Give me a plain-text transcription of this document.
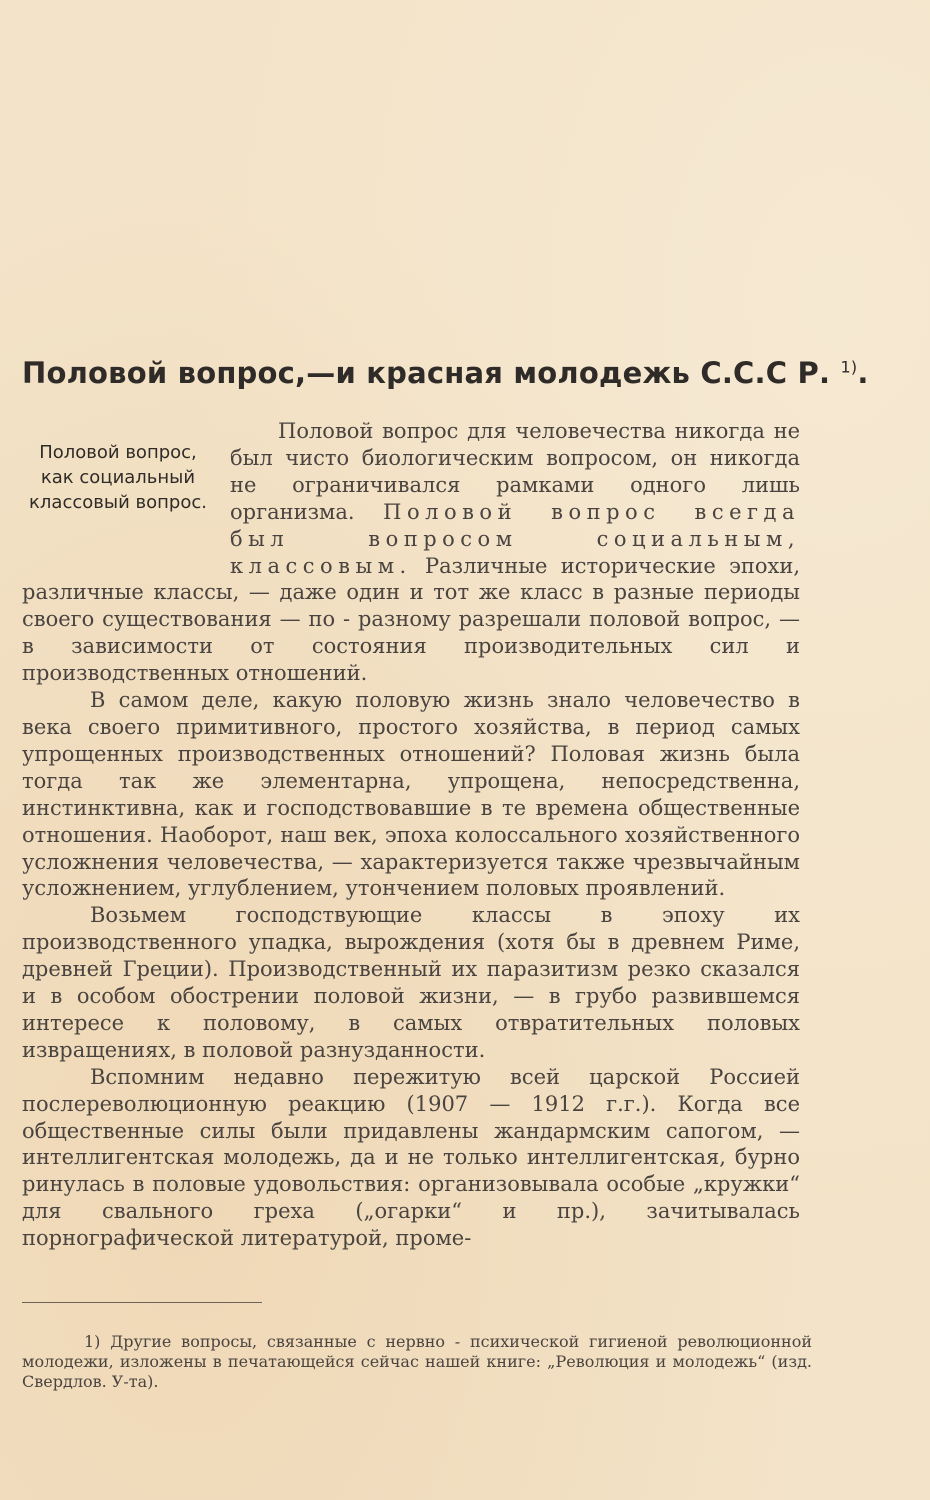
Половой вопрос,—и красная молодежь С.С.С Р. $^{1)}$.
Половой вопрос, как социальный классовый вопрос.

Половой вопрос для человечества никогда не был чисто биологическим вопросом, он никогда не ограничивался рамками одного лишь организма. Половой вопрос всегда был вопросом социальным, классовым. Различные исторические эпохи, различные классы, — даже один и тот же класс в разные периоды своего существования — по - разному разрешали половой вопрос, — в зависимости от состояния производительных сил и производственных отношений.

В самом деле, какую половую жизнь знало человечество в века своего примитивного, простого хозяйства, в период самых упрощенных производственных отношений? Половая жизнь была тогда так же элементарна, упрощена, непосредственна, инстинктивна, как и господствовавшие в те времена общественные отношения. Наоборот, наш век, эпоха колоссального хозяйственного усложнения человечества, — характеризуется также чрезвычайным усложнением, углублением, утончением половых проявлений.

Возьмем господствующие классы в эпоху их производственного упадка, вырождения (хотя бы в древнем Риме, древней Греции). Производственный их паразитизм резко сказался и в особом обострении половой жизни, — в грубо развившемся интересе к половому, в самых отвратительных половых извращениях, в половой разнузданности.

Вспомним недавно пережитую всей царской Россией послереволюционную реакцию (1907 — 1912 г.г.). Когда все общественные силы были придавлены жандармским сапогом, — интеллигентская молодежь, да и не только интеллигентская, бурно ринулась в половые удовольствия: организовывала особые „кружки“ для свального греха („огарки“ и пр.), зачитывалась порнографической литературой, проме-

1) Другие вопросы, связанные с нервно - психической гигиеной революционной молодежи, изложены в печатающейся сейчас нашей книге: „Революция и молодежь“ (изд. Свердлов. У-та).
